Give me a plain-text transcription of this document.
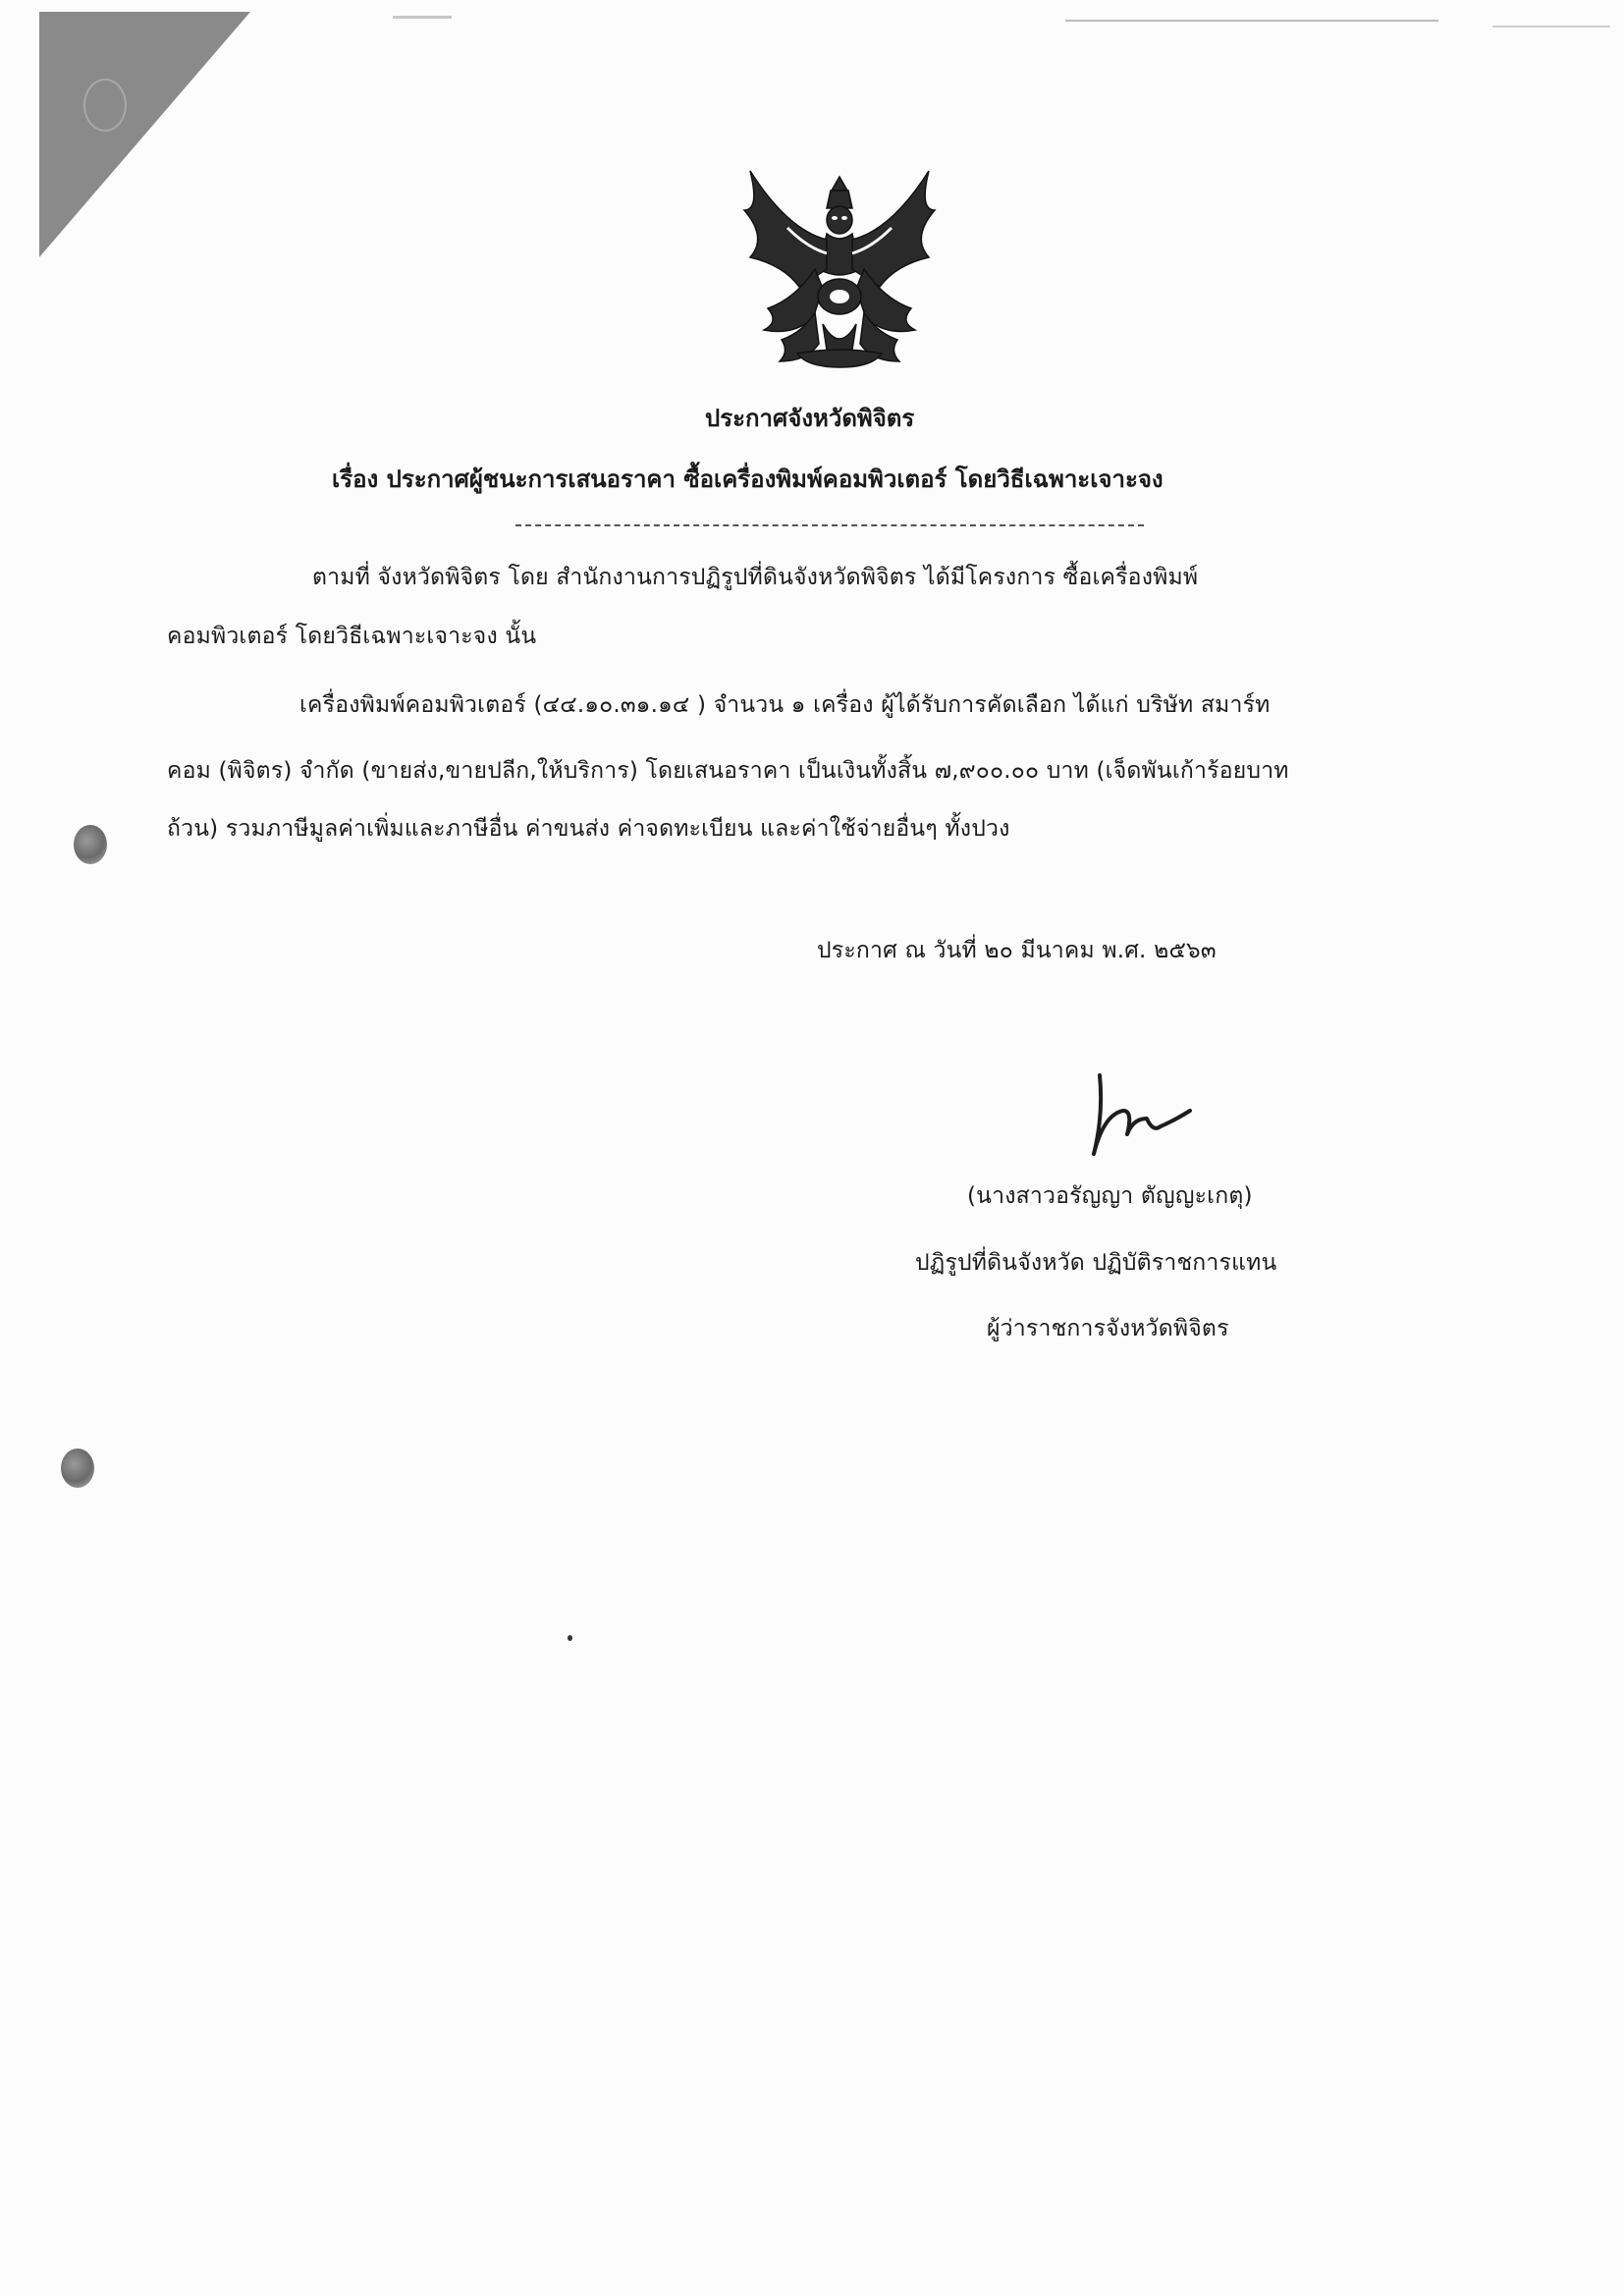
ประกาศจังหวัดพิจิตร
เรื่อง ประกาศผู้ชนะการเสนอราคา ซื้อเครื่องพิมพ์คอมพิวเตอร์ โดยวิธีเฉพาะเจาะจง
ตามที่ จังหวัดพิจิตร โดย สำนักงานการปฏิรูปที่ดินจังหวัดพิจิตร ได้มีโครงการ ซื้อเครื่องพิมพ์
คอมพิวเตอร์ โดยวิธีเฉพาะเจาะจง นั้น
เครื่องพิมพ์คอมพิวเตอร์ (๔๔.๑๐.๓๑.๑๔ ) จำนวน ๑ เครื่อง ผู้ได้รับการคัดเลือก ได้แก่ บริษัท สมาร์ท
คอม (พิจิตร) จำกัด (ขายส่ง,ขายปลีก,ให้บริการ) โดยเสนอราคา เป็นเงินทั้งสิ้น ๗,๙๐๐.๐๐ บาท (เจ็ดพันเก้าร้อยบาท
ถ้วน) รวมภาษีมูลค่าเพิ่มและภาษีอื่น ค่าขนส่ง ค่าจดทะเบียน และค่าใช้จ่ายอื่นๆ ทั้งปวง
ประกาศ ณ วันที่ ๒๐ มีนาคม พ.ศ. ๒๕๖๓
(นางสาวอรัญญา ตัญญะเกตุ)
ปฏิรูปที่ดินจังหวัด ปฏิบัติราชการแทน
ผู้ว่าราชการจังหวัดพิจิตร
